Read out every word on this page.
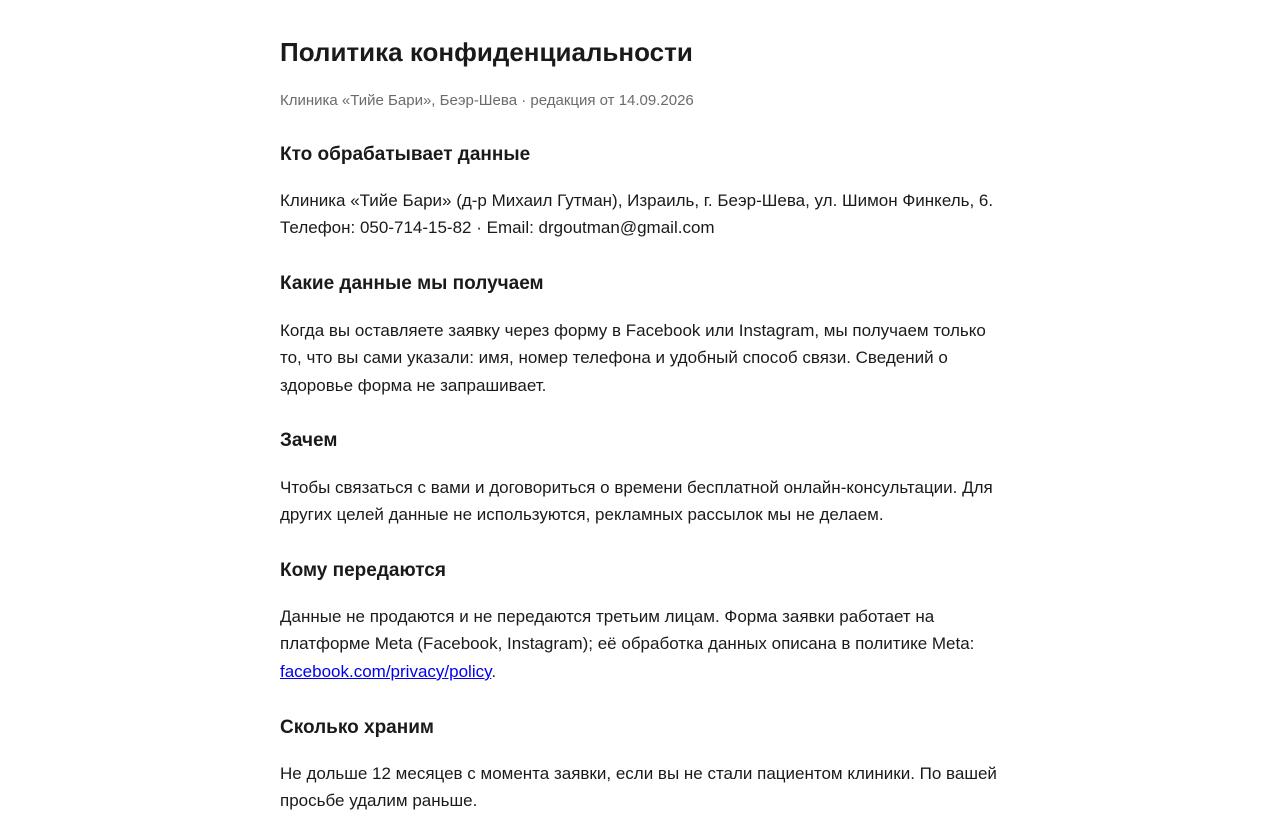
Политика конфиденциальности
Клиника «Тийе Бари», Беэр-Шева · редакция от 14.09.2026
Кто обрабатывает данные

Клиника «Тийе Бари» (д-р Михаил Гутман), Израиль, г. Беэр-Шева, ул. Шимон Финкель, 6.
Телефон: 050-714-15-82 · Email: drgoutman@gmail.com

Какие данные мы получаем

Когда вы оставляете заявку через форму в Facebook или Instagram, мы получаем только то, что вы сами указали: имя, номер телефона и удобный способ связи. Сведений о здоровье форма не запрашивает.

Зачем

Чтобы связаться с вами и договориться о времени бесплатной онлайн-консультации. Для других целей данные не используются, рекламных рассылок мы не делаем.

Кому передаются

Данные не продаются и не передаются третьим лицам. Форма заявки работает на платформе Meta (Facebook, Instagram); её обработка данных описана в политике Meta: facebook.com/privacy/policy.

Сколько храним

Не дольше 12 месяцев с момента заявки, если вы не стали пациентом клиники. По вашей просьбе удалим раньше.
